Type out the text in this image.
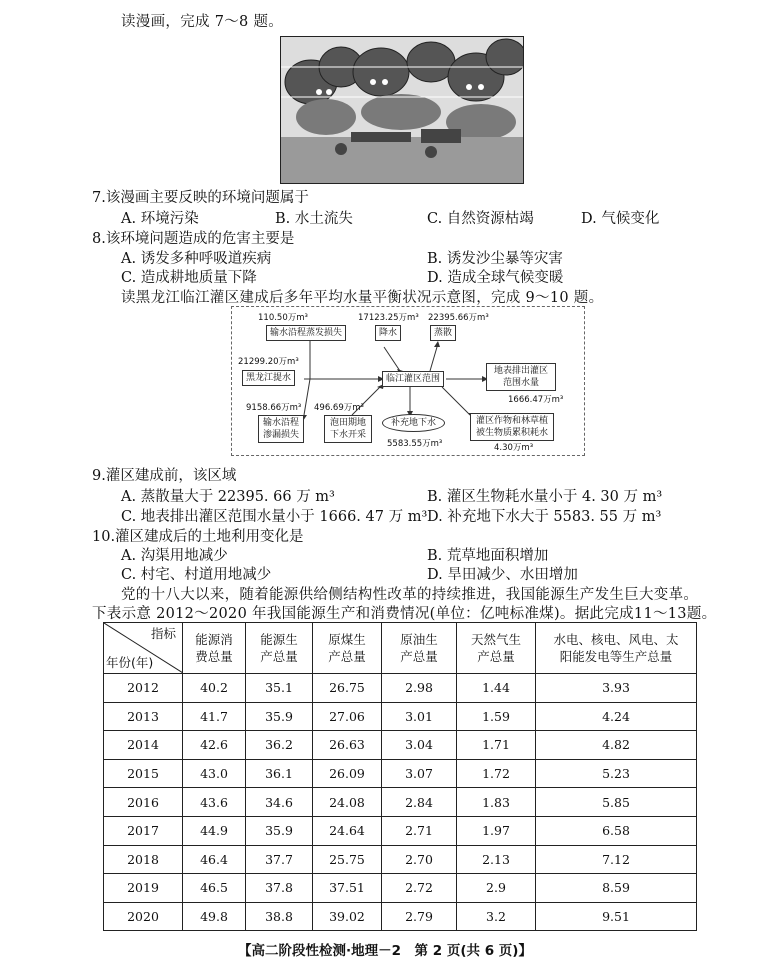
读漫画，完成 7～8 题。
7.该漫画主要反映的环境问题属于
A. 环境污染	B. 水土流失	C. 自然资源枯竭	D. 气候变化
8.该环境问题造成的危害主要是
A. 诱发多种呼吸道疾病	B. 诱发沙尘暴等灾害
C. 造成耕地质量下降	D. 造成全球气候变暖
读黑龙江临江灌区建成后多年平均水量平衡状况示意图，完成 9～10 题。
110.50万m³
输水沿程蒸发损失
17123.25万m³
降水
22395.66万m³
蒸散
21299.20万m³
黑龙江提水	临江灌区范围
地表排出灌区范围水量
1666.47万m³
9158.66万m³
输水沿程渗漏损失
496.69万m³
泡田期地下水开采
补充地下水
5583.55万m³
灌区作物和林草植被生物质累积耗水
4.30万m³
9.灌区建成前，该区域
A. 蒸散量大于 22395. 66 万 m³	B. 灌区生物耗水量小于 4. 30 万 m³
C. 地表排出灌区范围水量小于 1666. 47 万 m³ D. 补充地下水大于 5583. 55 万 m³
10.灌区建成后的土地利用变化是
A. 沟渠用地减少	B. 荒草地面积增加
C. 村宅、村道用地减少	D. 旱田减少、水田增加
党的十八大以来，随着能源供给侧结构性改革的持续推进，我国能源生产发生巨大变革。
下表示意 2012～2020 年我国能源生产和消费情况(单位：亿吨标准煤)。据此完成11～13题。
指标
年份(年)	能源消费总量	能源生产总量	原煤生产总量	原油生产总量	天然气生产总量	水电、核电、风电、太阳能发电等生产总量
2012	40.2	35.1	26.75	2.98	1.44	3.93
2013	41.7	35.9	27.06	3.01	1.59	4.24
2014	42.6	36.2	26.63	3.04	1.71	4.82
2015	43.0	36.1	26.09	3.07	1.72	5.23
2016	43.6	34.6	24.08	2.84	1.83	5.85
2017	44.9	35.9	24.64	2.71	1.97	6.58
2018	46.4	37.7	25.75	2.70	2.13	7.12
2019	46.5	37.8	37.51	2.72	2.9	8.59
2020	49.8	38.8	39.02	2.79	3.2	9.51
【高二阶段性检测·地理－2　第 2 页(共 6 页)】
